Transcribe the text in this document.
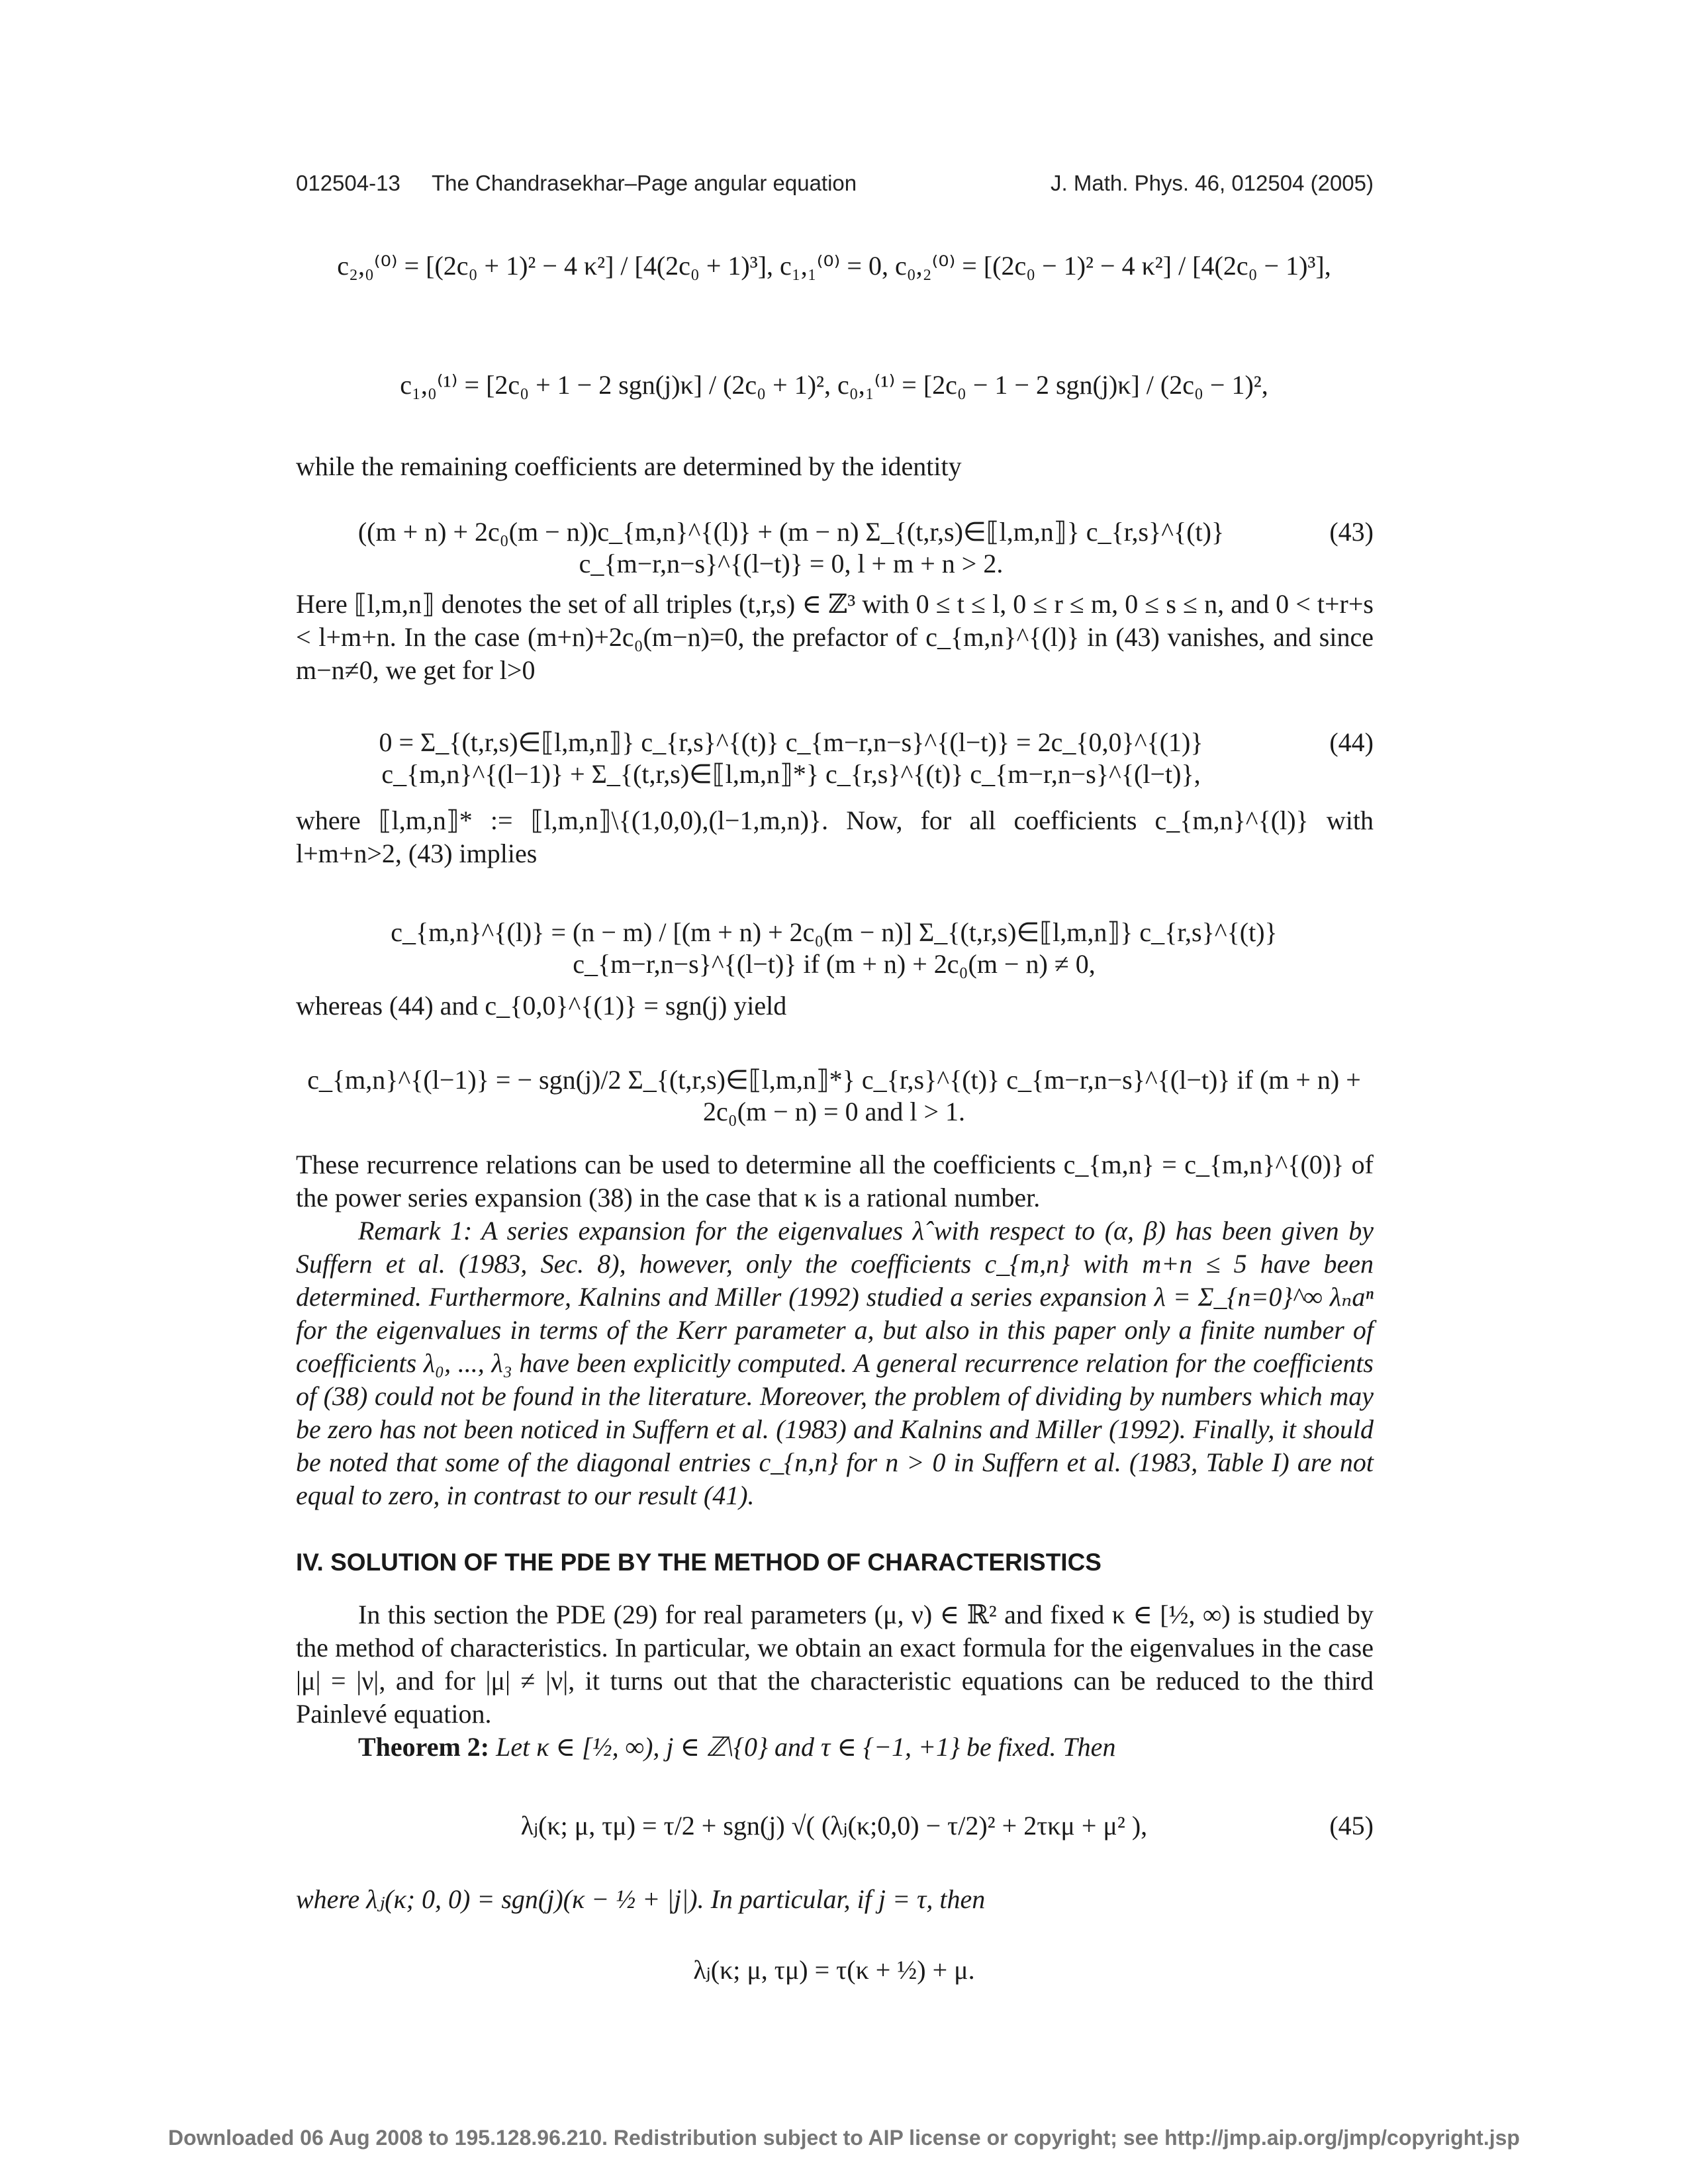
012504-13 The Chandrasekhar–Page angular equation	J. Math. Phys. 46, 012504 (2005)
c₂,₀⁽⁰⁾ = [(2c₀ + 1)² − 4 κ²] / [4(2c₀ + 1)³], c₁,₁⁽⁰⁾ = 0, c₀,₂⁽⁰⁾ = [(2c₀ − 1)² − 4 κ²] / [4(2c₀ − 1)³],
c₁,₀⁽¹⁾ = [2c₀ + 1 − 2 sgn(j)κ] / (2c₀ + 1)², c₀,₁⁽¹⁾ = [2c₀ − 1 − 2 sgn(j)κ] / (2c₀ − 1)²,
while the remaining coefficients are determined by the identity
((m + n) + 2c₀(m − n))c_{m,n}^{(l)} + (m − n) Σ_{(t,r,s)∈⟦l,m,n⟧} c_{r,s}^{(t)} c_{m−r,n−s}^{(l−t)} = 0, l + m + n > 2.
(43)
Here ⟦l,m,n⟧ denotes the set of all triples (t,r,s) ∈ ℤ³ with 0 ≤ t ≤ l, 0 ≤ r ≤ m, 0 ≤ s ≤ n, and 0 < t+r+s < l+m+n. In the case (m+n)+2c₀(m−n)=0, the prefactor of c_{m,n}^{(l)} in (43) vanishes, and since m−n≠0, we get for l>0
0 = Σ_{(t,r,s)∈⟦l,m,n⟧} c_{r,s}^{(t)} c_{m−r,n−s}^{(l−t)} = 2c_{0,0}^{(1)} c_{m,n}^{(l−1)} + Σ_{(t,r,s)∈⟦l,m,n⟧*} c_{r,s}^{(t)} c_{m−r,n−s}^{(l−t)},
(44)
where ⟦l,m,n⟧* := ⟦l,m,n⟧\{(1,0,0),(l−1,m,n)}. Now, for all coefficients c_{m,n}^{(l)} with l+m+n>2, (43) implies
c_{m,n}^{(l)} = (n − m) / [(m + n) + 2c₀(m − n)] Σ_{(t,r,s)∈⟦l,m,n⟧} c_{r,s}^{(t)} c_{m−r,n−s}^{(l−t)} if (m + n) + 2c₀(m − n) ≠ 0,
whereas (44) and c_{0,0}^{(1)} = sgn(j) yield
c_{m,n}^{(l−1)} = − sgn(j)/2 Σ_{(t,r,s)∈⟦l,m,n⟧*} c_{r,s}^{(t)} c_{m−r,n−s}^{(l−t)} if (m + n) + 2c₀(m − n) = 0 and l > 1.
These recurrence relations can be used to determine all the coefficients c_{m,n} = c_{m,n}^{(0)} of the power series expansion (38) in the case that κ is a rational number.
Remark 1: A series expansion for the eigenvalues λ̂ with respect to (α, β) has been given by Suffern et al. (1983, Sec. 8), however, only the coefficients c_{m,n} with m+n ≤ 5 have been determined. Furthermore, Kalnins and Miller (1992) studied a series expansion λ = Σ_{n=0}^∞ λₙaⁿ for the eigenvalues in terms of the Kerr parameter a, but also in this paper only a finite number of coefficients λ₀, ..., λ₃ have been explicitly computed. A general recurrence relation for the coefficients of (38) could not be found in the literature. Moreover, the problem of dividing by numbers which may be zero has not been noticed in Suffern et al. (1983) and Kalnins and Miller (1992). Finally, it should be noted that some of the diagonal entries c_{n,n} for n > 0 in Suffern et al. (1983, Table I) are not equal to zero, in contrast to our result (41).
IV. SOLUTION OF THE PDE BY THE METHOD OF CHARACTERISTICS
In this section the PDE (29) for real parameters (μ, ν) ∈ ℝ² and fixed κ ∈ [½, ∞) is studied by the method of characteristics. In particular, we obtain an exact formula for the eigenvalues in the case |μ| = |ν|, and for |μ| ≠ |ν|, it turns out that the characteristic equations can be reduced to the third Painlevé equation.
Theorem 2: Let κ ∈ [½, ∞), j ∈ ℤ\{0} and τ ∈ {−1, +1} be fixed. Then
λⱼ(κ; μ, τμ) = τ/2 + sgn(j) √( (λⱼ(κ;0,0) − τ/2)² + 2τκμ + μ² ),	(45)
where λⱼ(κ; 0, 0) = sgn(j)(κ − ½ + |j|). In particular, if j = τ, then
λⱼ(κ; μ, τμ) = τ(κ + ½) + μ.
Downloaded 06 Aug 2008 to 195.128.96.210. Redistribution subject to AIP license or copyright; see http://jmp.aip.org/jmp/copyright.jsp
